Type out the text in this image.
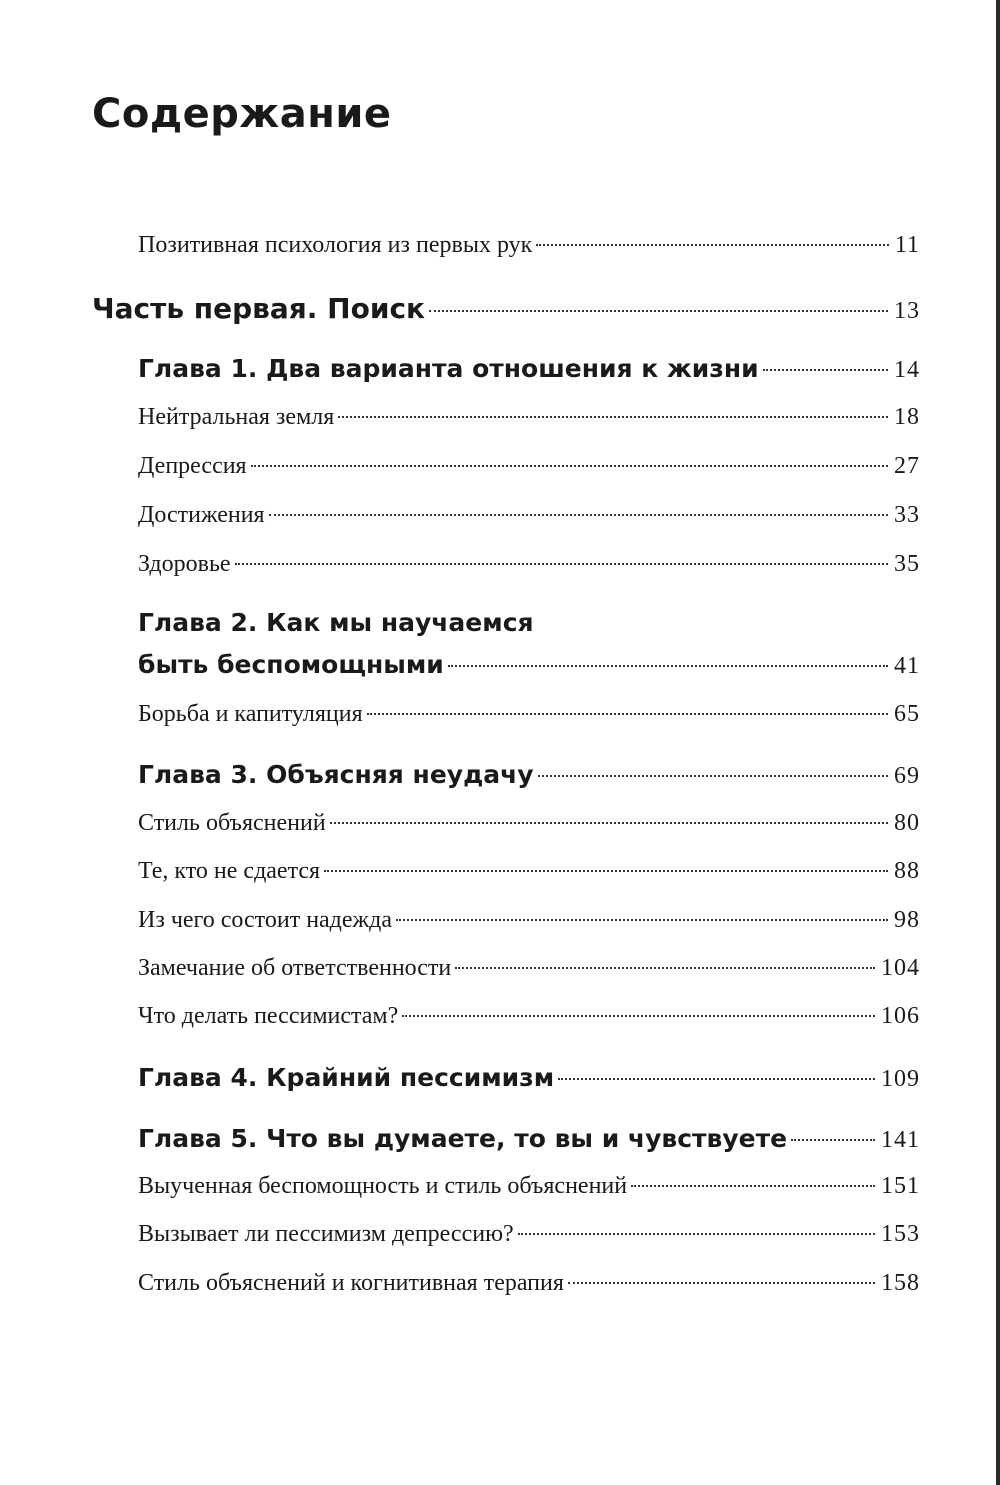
Содержание
Позитивная психология из первых рук	11
Часть первая. Поиск	13
Глава 1. Два варианта отношения к жизни	14
Нейтральная земля	18
Депрессия	27
Достижения	33
Здоровье	35
Глава 2. Как мы научаемся
быть беспомощными	41
Борьба и капитуляция	65
Глава 3. Объясняя неудачу	69
Стиль объяснений	80
Те, кто не сдается	88
Из чего состоит надежда	98
Замечание об ответственности	104
Что делать пессимистам?	106
Глава 4. Крайний пессимизм	109
Глава 5. Что вы думаете, то вы и чувствуете	141
Выученная беспомощность и стиль объяснений	151
Вызывает ли пессимизм депрессию?	153
Стиль объяснений и когнитивная терапия	158
